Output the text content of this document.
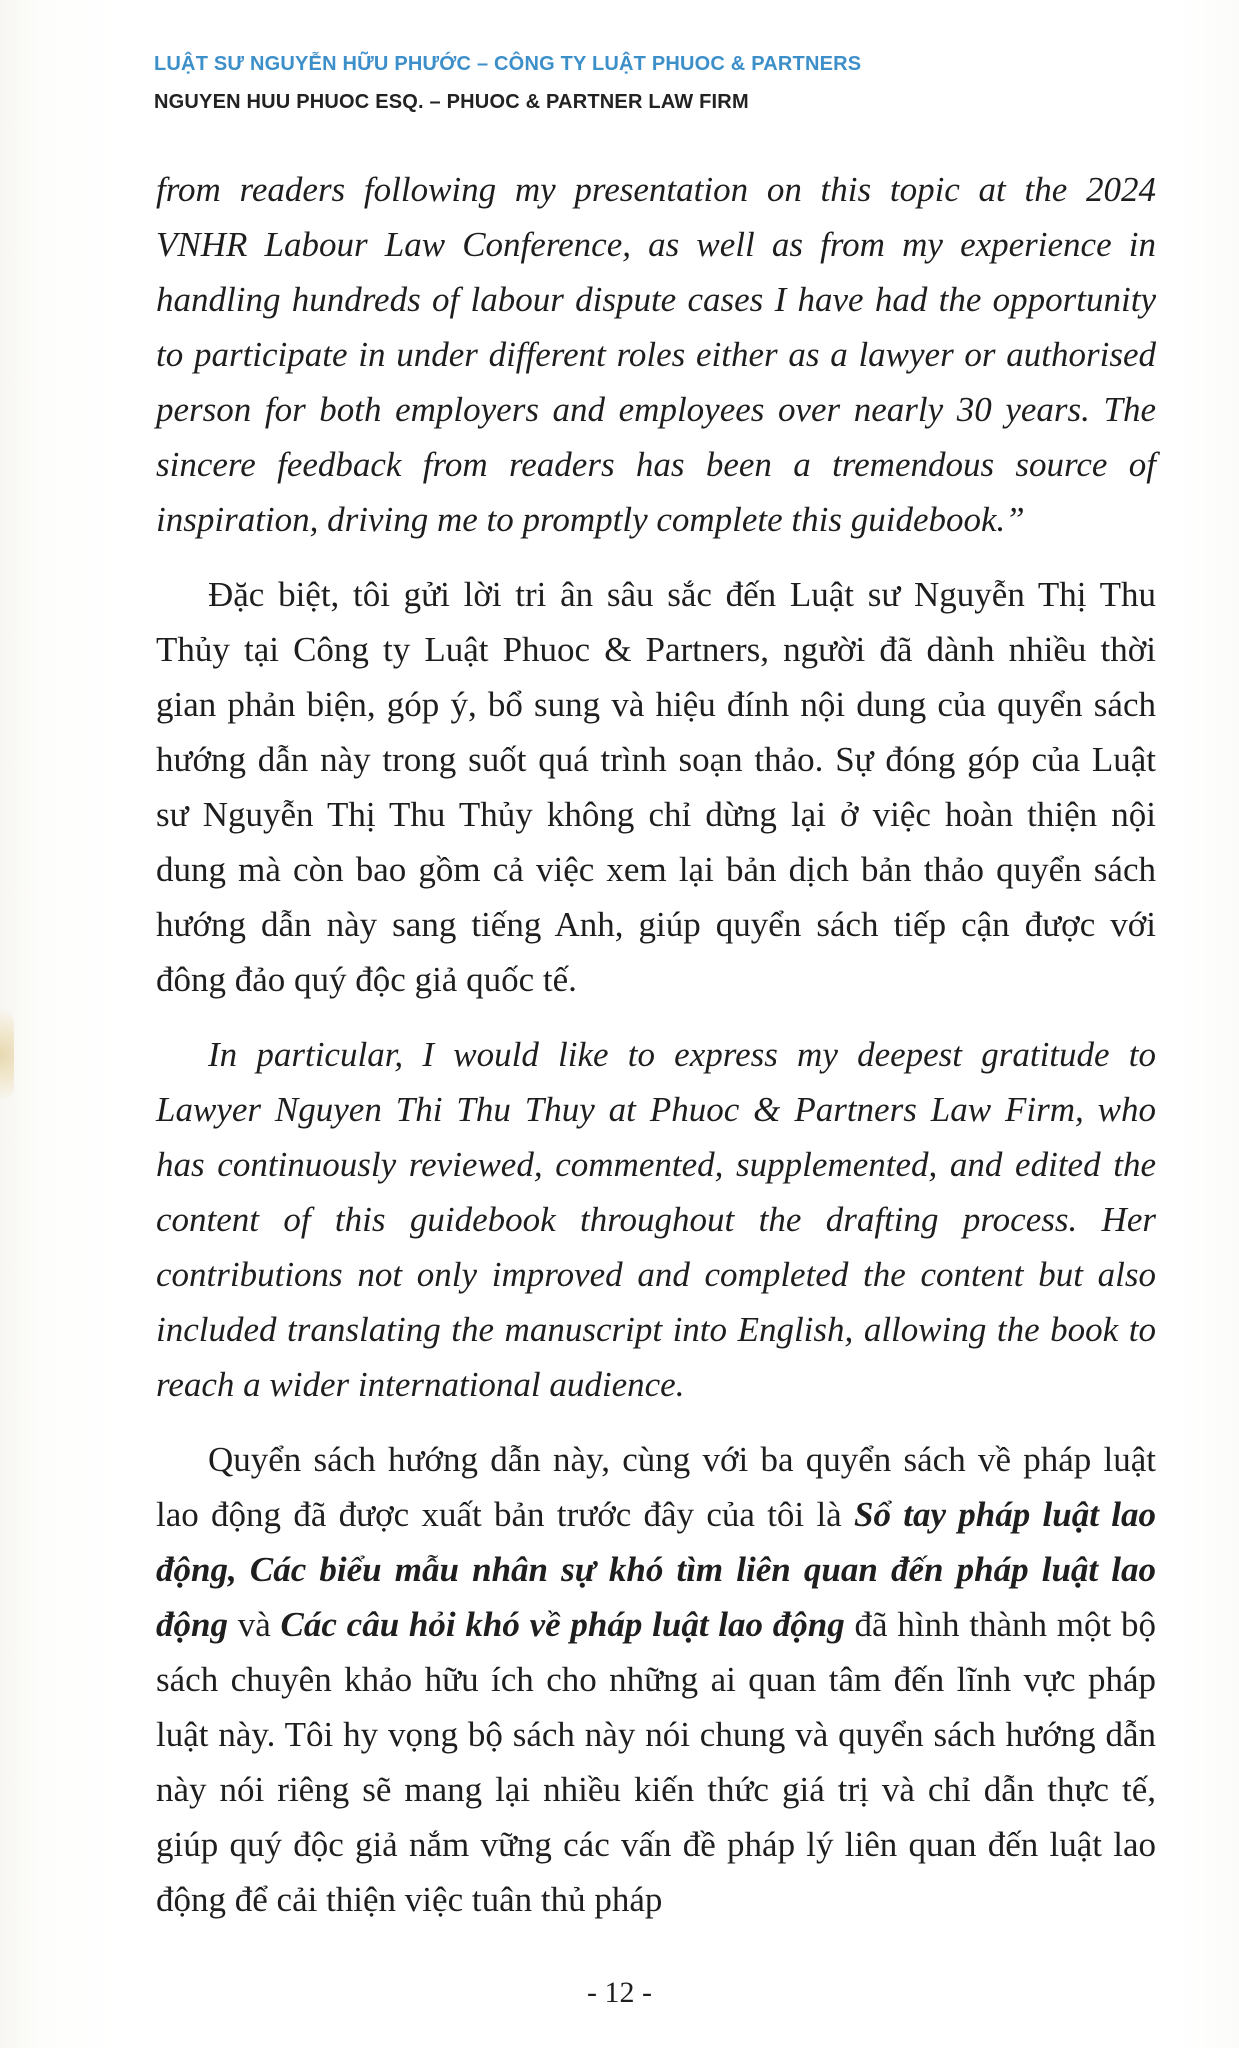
LUẬT SƯ NGUYỄN HỮU PHƯỚC – CÔNG TY LUẬT PHUOC & PARTNERS
NGUYEN HUU PHUOC ESQ. – PHUOC & PARTNER LAW FIRM

from readers following my presentation on this topic at the 2024 VNHR Labour Law Conference, as well as from my experience in handling hundreds of labour dispute cases I have had the opportunity to participate in under different roles either as a lawyer or authorised person for both employers and employees over nearly 30 years. The sincere feedback from readers has been a tremendous source of inspiration, driving me to promptly complete this guidebook.”

Đặc biệt, tôi gửi lời tri ân sâu sắc đến Luật sư Nguyễn Thị Thu Thủy tại Công ty Luật Phuoc & Partners, người đã dành nhiều thời gian phản biện, góp ý, bổ sung và hiệu đính nội dung của quyển sách hướng dẫn này trong suốt quá trình soạn thảo. Sự đóng góp của Luật sư Nguyễn Thị Thu Thủy không chỉ dừng lại ở việc hoàn thiện nội dung mà còn bao gồm cả việc xem lại bản dịch bản thảo quyển sách hướng dẫn này sang tiếng Anh, giúp quyển sách tiếp cận được với đông đảo quý độc giả quốc tế.

In particular, I would like to express my deepest gratitude to Lawyer Nguyen Thi Thu Thuy at Phuoc & Partners Law Firm, who has continuously reviewed, commented, supplemented, and edited the content of this guidebook throughout the drafting process. Her contributions not only improved and completed the content but also included translating the manuscript into English, allowing the book to reach a wider international audience.

Quyển sách hướng dẫn này, cùng với ba quyển sách về pháp luật lao động đã được xuất bản trước đây của tôi là Sổ tay pháp luật lao động, Các biểu mẫu nhân sự khó tìm liên quan đến pháp luật lao động và Các câu hỏi khó về pháp luật lao động đã hình thành một bộ sách chuyên khảo hữu ích cho những ai quan tâm đến lĩnh vực pháp luật này. Tôi hy vọng bộ sách này nói chung và quyển sách hướng dẫn này nói riêng sẽ mang lại nhiều kiến thức giá trị và chỉ dẫn thực tế, giúp quý độc giả nắm vững các vấn đề pháp lý liên quan đến luật lao động để cải thiện việc tuân thủ pháp

- 12 -
